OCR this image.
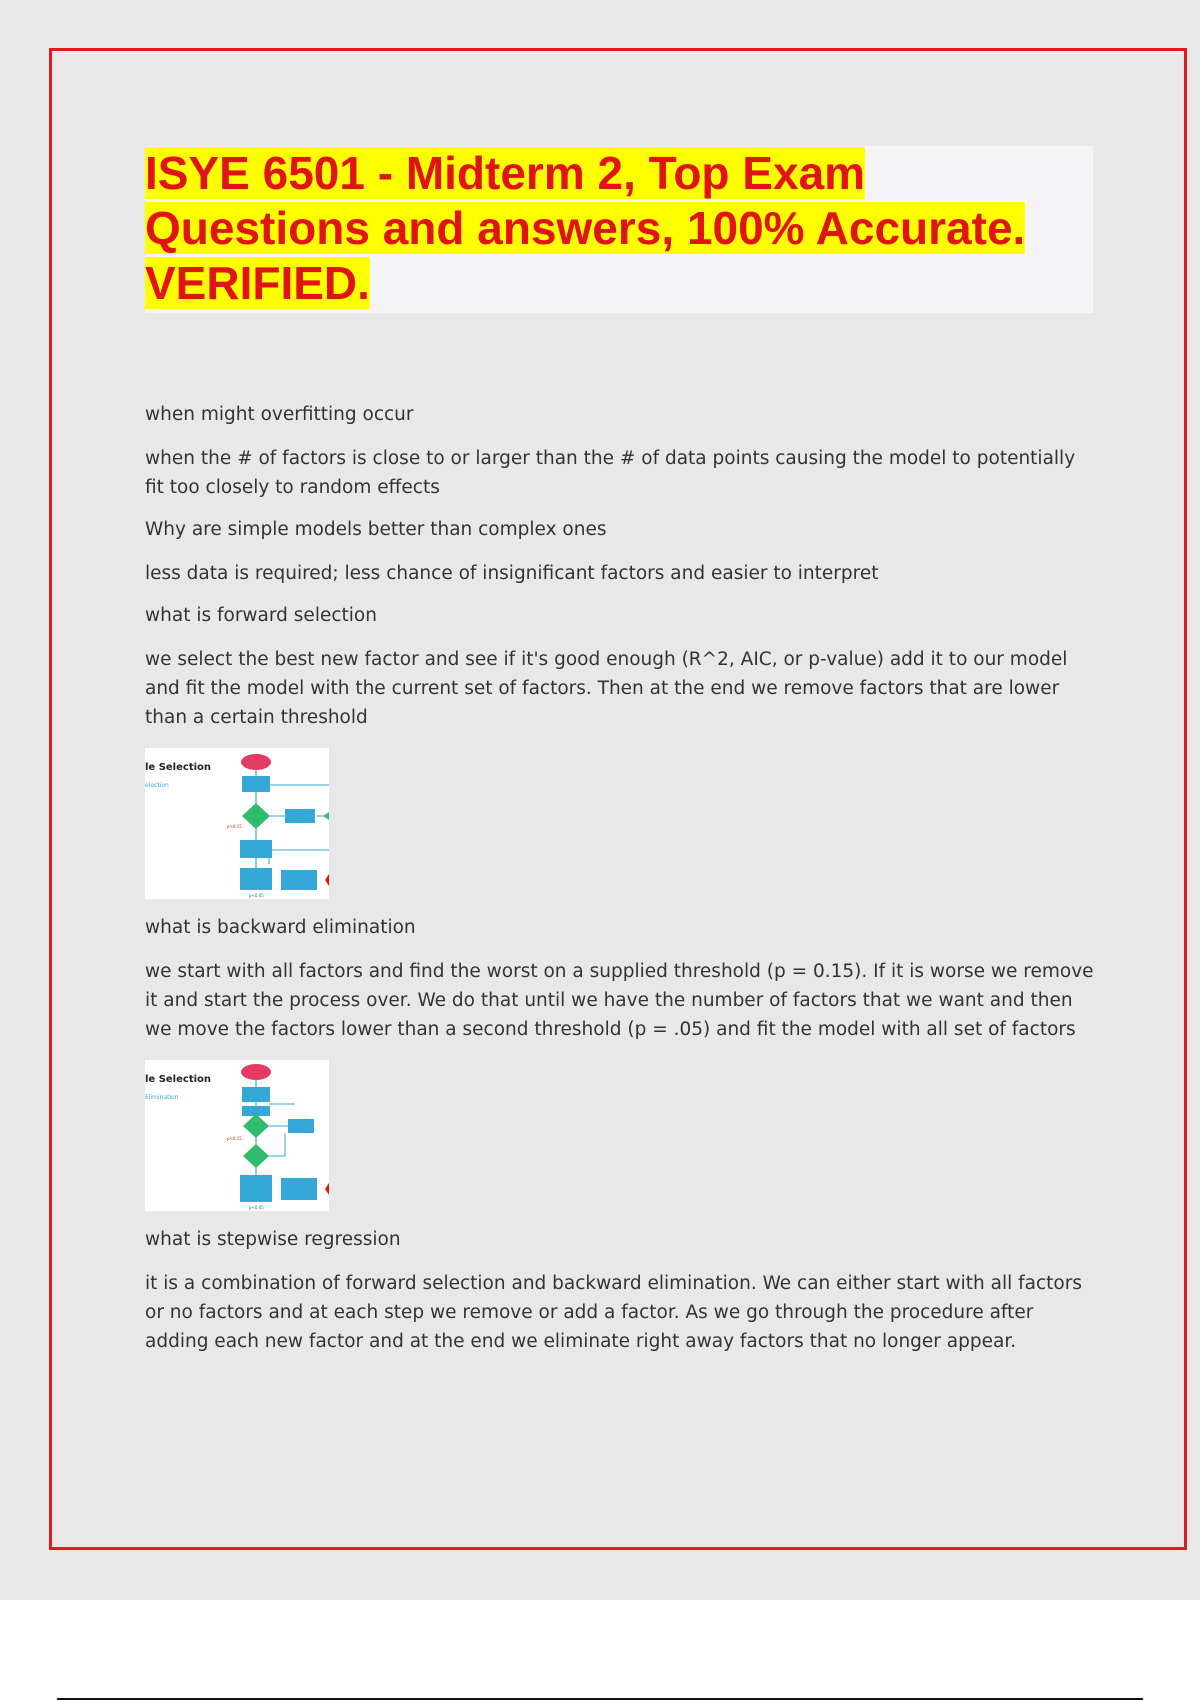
ISYE 6501 - Midterm 2, Top Exam
Questions and answers, 100% Accurate.
VERIFIED.

when might overfitting occur

when the # of factors is close to or larger than the # of data points causing the model to potentially fit too closely to random effects

Why are simple models better than complex ones

less data is required; less chance of insignificant factors and easier to interpret

what is forward selection

we select the best new factor and see if it's good enough (R^2, AIC, or p-value) add it to our model and fit the model with the current set of factors. Then at the end we remove factors that are lower than a certain threshold

le Selection
election
p>0.15
p<0.05

what is backward elimination

we start with all factors and find the worst on a supplied threshold (p = 0.15). If it is worse we remove it and start the process over. We do that until we have the number of factors that we want and then we move the factors lower than a second threshold (p = .05) and fit the model with all set of factors

le Selection
Elimination
p<0.15
p<0.05

what is stepwise regression

it is a combination of forward selection and backward elimination. We can either start with all factors or no factors and at each step we remove or add a factor. As we go through the procedure after adding each new factor and at the end we eliminate right away factors that no longer appear.
